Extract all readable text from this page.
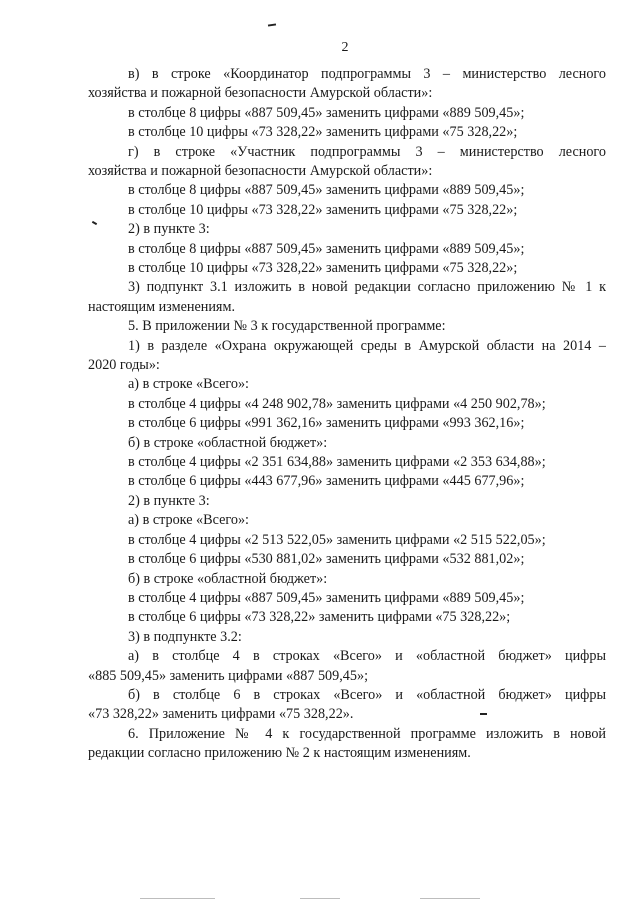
2
в) в строке «Координатор подпрограммы 3 – министерство лесного
хозяйства и пожарной безопасности Амурской области»:
в столбце 8 цифры «887 509,45» заменить цифрами «889 509,45»;
в столбце 10 цифры «73 328,22» заменить цифрами «75 328,22»;
г) в строке «Участник подпрограммы 3 – министерство лесного
хозяйства и пожарной безопасности Амурской области»:
в столбце 8 цифры «887 509,45» заменить цифрами «889 509,45»;
в столбце 10 цифры «73 328,22» заменить цифрами «75 328,22»;
2) в пункте 3:
в столбце 8 цифры «887 509,45» заменить цифрами «889 509,45»;
в столбце 10 цифры «73 328,22» заменить цифрами «75 328,22»;
3) подпункт 3.1 изложить в новой редакции согласно приложению № 1 к
настоящим изменениям.
5. В приложении № 3 к государственной программе:
1) в разделе «Охрана окружающей среды в Амурской области на 2014 –
2020 годы»:
а) в строке «Всего»:
в столбце 4 цифры «4 248 902,78» заменить цифрами «4 250 902,78»;
в столбце 6 цифры «991 362,16» заменить цифрами «993 362,16»;
б) в строке «областной бюджет»:
в столбце 4 цифры «2 351 634,88» заменить цифрами «2 353 634,88»;
в столбце 6 цифры «443 677,96» заменить цифрами «445 677,96»;
2) в пункте 3:
а) в строке «Всего»:
в столбце 4 цифры «2 513 522,05» заменить цифрами «2 515 522,05»;
в столбце 6 цифры «530 881,02» заменить цифрами «532 881,02»;
б) в строке «областной бюджет»:
в столбце 4 цифры «887 509,45» заменить цифрами «889 509,45»;
в столбце 6 цифры «73 328,22» заменить цифрами «75 328,22»;
3) в подпункте 3.2:
а) в столбце 4 в строках «Всего» и «областной бюджет» цифры
«885 509,45» заменить цифрами «887 509,45»;
б) в столбце 6 в строках «Всего» и «областной бюджет» цифры
«73 328,22» заменить цифрами «75 328,22».
6. Приложение № 4 к государственной программе изложить в новой
редакции согласно приложению № 2 к настоящим изменениям.
